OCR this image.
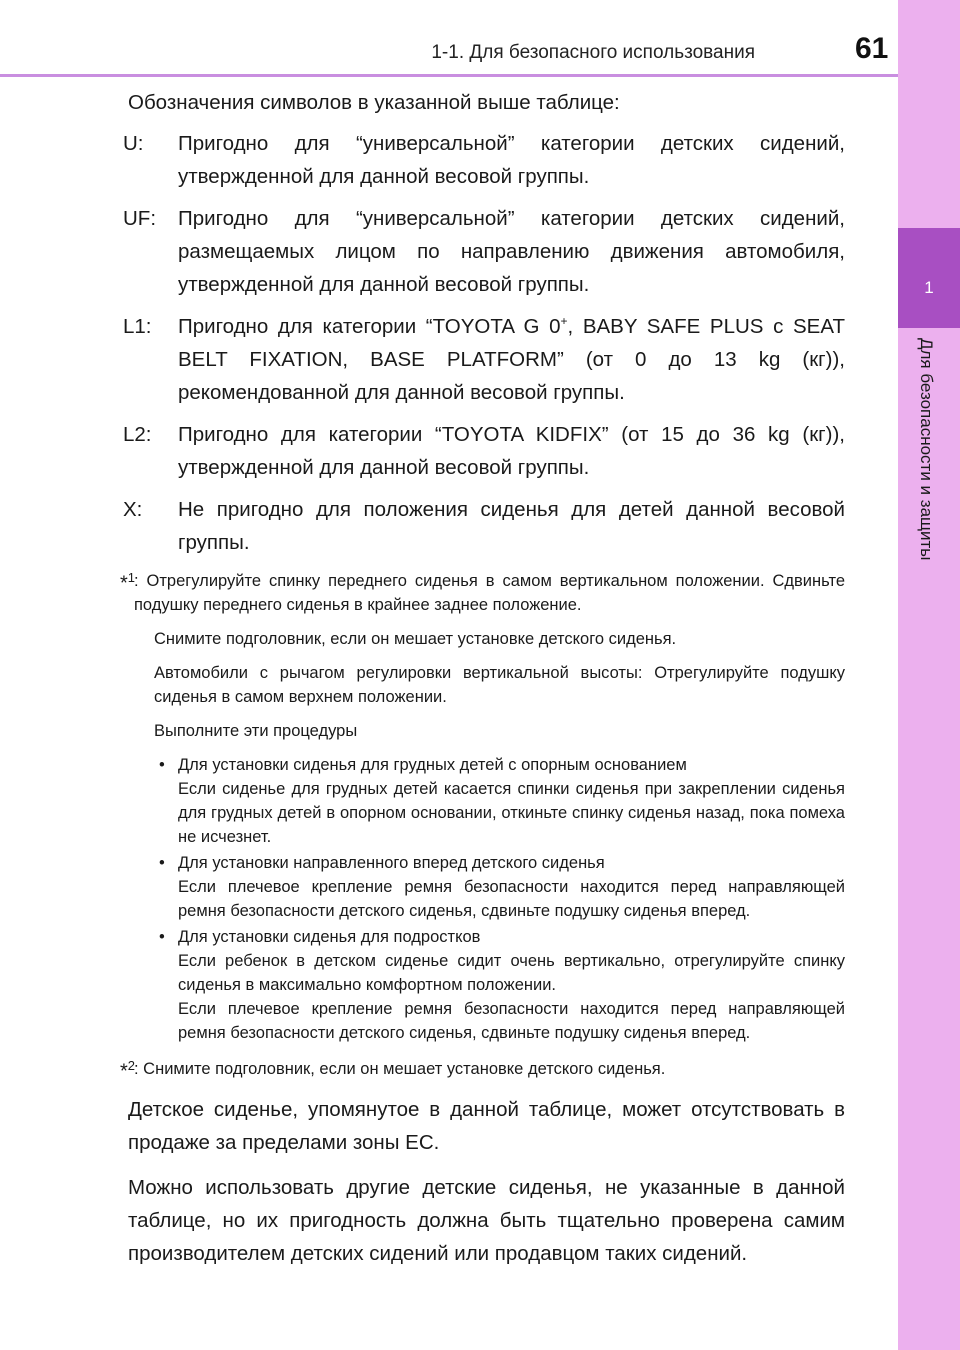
1
Для безопасности и защиты
1-1. Для безопасного использования	61

Обозначения символов в указанной выше таблице:

U: Пригодно для “универсальной” категории детских сидений, утвержденной для данной весовой группы.
UF: Пригодно для “универсальной” категории детских сидений, размещаемых лицом по направлению движения автомобиля, утвержденной для данной весовой группы.
L1: Пригодно для категории “TOYOTA G 0+, BABY SAFE PLUS с SEAT BELT FIXATION, BASE PLATFORM” (от 0 до 13 kg (кг)), рекомендованной для данной весовой группы.
L2: Пригодно для категории “TOYOTA KIDFIX” (от 15 до 36 kg (кг)), утвержденной для данной весовой группы.
X: Не пригодно для положения сиденья для детей данной весовой группы.
*$^1$

: Отрегулируйте спинку переднего сиденья в самом вертикальном положении. Сдвиньте подушку переднего сиденья в крайнее заднее положение.

Снимите подголовник, если он мешает установке детского сиденья.

Автомобили с рычагом регулировки вертикальной высоты: Отрегулируйте подушку сиденья в самом верхнем положении.

Выполните эти процедуры

• Для установки сиденья для грудных детей с опорным основанием

Если сиденье для грудных детей касается спинки сиденья при закреплении сиденья для грудных детей в опорном основании, откиньте спинку сиденья назад, пока помеха не исчезнет.

• Для установки направленного вперед детского сиденья

Если плечевое крепление ремня безопасности находится перед направляющей ремня безопасности детского сиденья, сдвиньте подушку сиденья вперед.

• Для установки сиденья для подростков

Если ребенок в детском сиденье сидит очень вертикально, отрегулируйте спинку сиденья в максимально комфортном положении.

Если плечевое крепление ремня безопасности находится перед направляющей ремня безопасности детского сиденья, сдвиньте подушку сиденья вперед.

*$^2$

: Снимите подголовник, если он мешает установке детского сиденья.

Детское сиденье, упомянутое в данной таблице, может отсутствовать в продаже за пределами зоны ЕС.

Можно использовать другие детские сиденья, не указанные в данной таблице, но их пригодность должна быть тщательно проверена самим производителем детских сидений или продавцом таких сидений.
